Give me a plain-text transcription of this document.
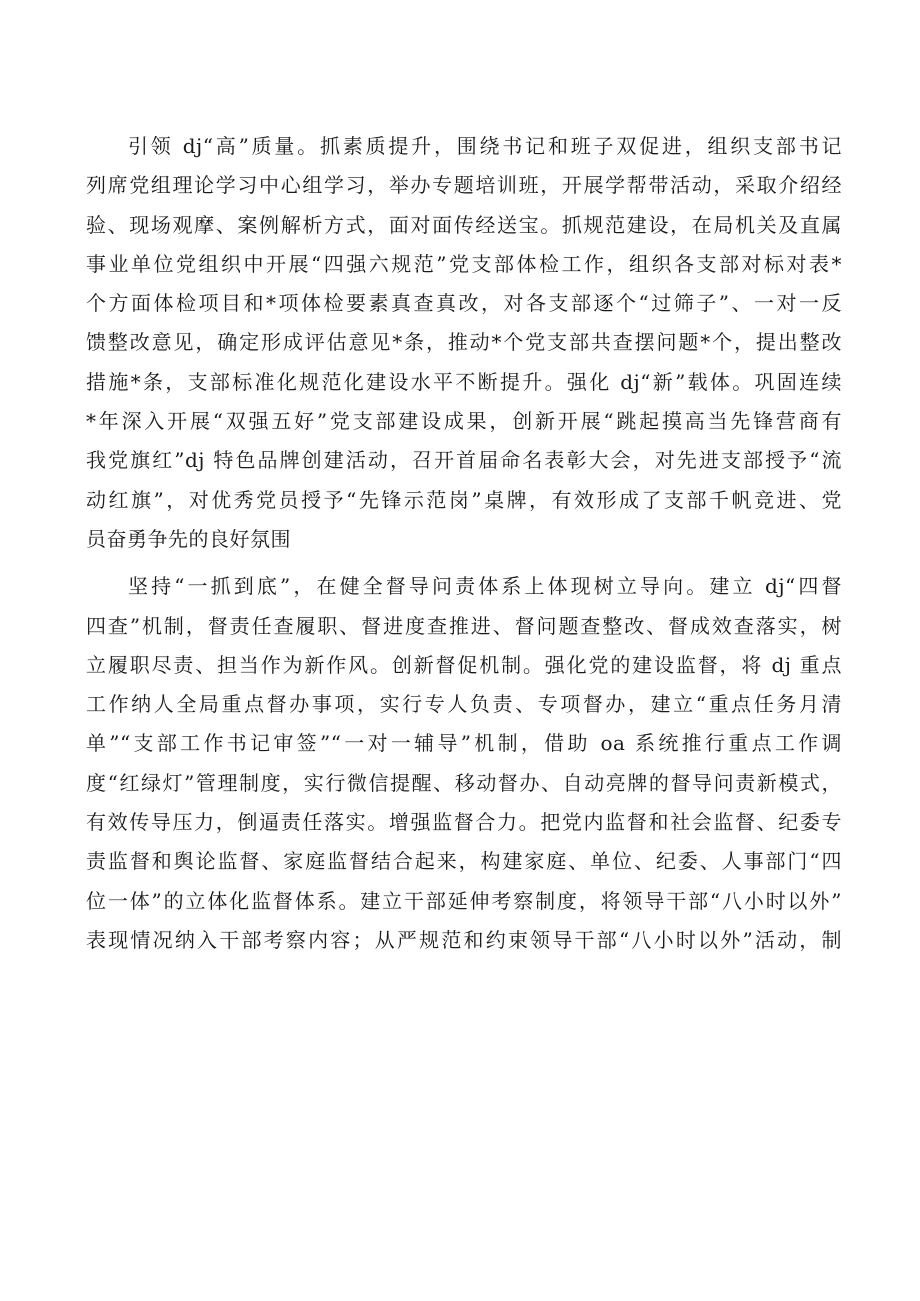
引领 dj“高”质量。抓素质提升，围绕书记和班子双促进，组织支部书记
列席党组理论学习中心组学习，举办专题培训班，开展学帮带活动，采取介绍经
验、现场观摩、案例解析方式，面对面传经送宝。抓规范建设，在局机关及直属
事业单位党组织中开展“四强六规范”党支部体检工作，组织各支部对标对表*
个方面体检项目和*项体检要素真查真改，对各支部逐个“过筛子”、一对一反
馈整改意见，确定形成评估意见*条，推动*个党支部共查摆问题*个，提出整改
措施*条，支部标准化规范化建设水平不断提升。强化 dj“新”载体。巩固连续
*年深入开展“双强五好”党支部建设成果，创新开展“跳起摸高当先锋营商有
我党旗红”dj 特色品牌创建活动，召开首届命名表彰大会，对先进支部授予“流
动红旗”，对优秀党员授予“先锋示范岗”桌牌，有效形成了支部千帆竞进、党
员奋勇争先的良好氛围
坚持“一抓到底”，在健全督导问责体系上体现树立导向。建立 dj“四督
四查”机制，督责任查履职、督进度查推进、督问题查整改、督成效查落实，树
立履职尽责、担当作为新作风。创新督促机制。强化党的建设监督，将 dj 重点
工作纳人全局重点督办事项，实行专人负责、专项督办，建立“重点任务月清
单”“支部工作书记审签”“一对一辅导”机制，借助 oa 系统推行重点工作调
度“红绿灯”管理制度，实行微信提醒、移动督办、自动亮牌的督导问责新模式，
有效传导压力，倒逼责任落实。增强监督合力。把党内监督和社会监督、纪委专
责监督和舆论监督、家庭监督结合起来，构建家庭、单位、纪委、人事部门“四
位一体”的立体化监督体系。建立干部延伸考察制度，将领导干部“八小时以外”
表现情况纳入干部考察内容；从严规范和约束领导干部“八小时以外”活动，制
